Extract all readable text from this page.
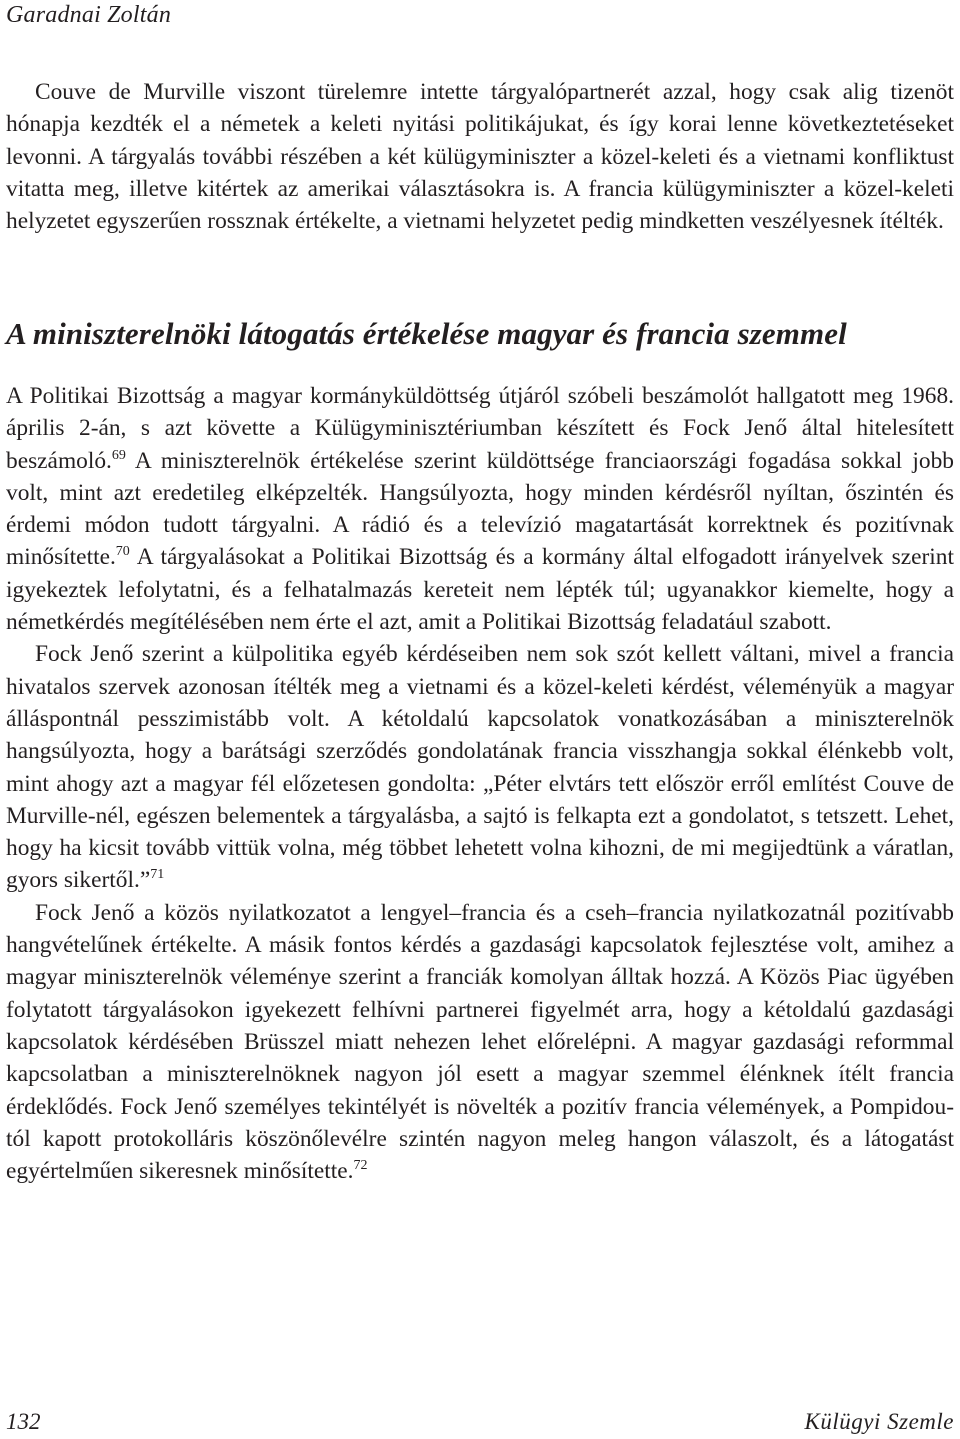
Garadnai Zoltán

Couve de Murville viszont türelemre intette tárgyalópartnerét azzal, hogy csak alig tizenöt hónapja kezdték el a németek a keleti nyitási politikájukat, és így korai lenne következtetéseket levonni. A tárgyalás további részében a két külügyminiszter a közel-keleti és a vietnami konfliktust vitatta meg, illetve kitértek az amerikai választásokra is. A francia külügyminiszter a közel-keleti helyzetet egyszerűen rossznak értékelte, a vietnami helyzetet pedig mindketten veszélyesnek ítélték.

A miniszterelnöki látogatás értékelése magyar és francia szemmel

A Politikai Bizottság a magyar kormányküldöttség útjáról szóbeli beszámolót hallgatott meg 1968. április 2-án, s azt követte a Külügyminisztériumban készített és Fock Jenő által hitelesített beszámoló.$^{69}$ A miniszterelnök értékelése szerint küldöttsége franciaországi fogadása sokkal jobb volt, mint azt eredetileg elképzelték. Hangsúlyozta, hogy minden kérdésről nyíltan, őszintén és érdemi módon tudott tárgyalni. A rádió és a televízió magatartását korrektnek és pozitívnak minősítette.$^{70}$ A tárgyalásokat a Politikai Bizottság és a kormány által elfogadott irányelvek szerint igyekeztek lefolytatni, és a felhatalmazás kereteit nem lépték túl; ugyanakkor kiemelte, hogy a németkérdés megítélésében nem érte el azt, amit a Politikai Bizottság feladatául szabott.

Fock Jenő szerint a külpolitika egyéb kérdéseiben nem sok szót kellett váltani, mivel a francia hivatalos szervek azonosan ítélték meg a vietnami és a közel-keleti kérdést, véleményük a magyar álláspontnál pesszimistább volt. A kétoldalú kapcsolatok vonatkozásában a miniszterelnök hangsúlyozta, hogy a barátsági szerződés gondolatának francia visszhangja sokkal élénkebb volt, mint ahogy azt a magyar fél előzetesen gondolta: „Péter elvtárs tett először erről említést Couve de Murville-nél, egészen belementek a tárgyalásba, a sajtó is felkapta ezt a gondolatot, s tetszett. Lehet, hogy ha kicsit tovább vittük volna, még többet lehetett volna kihozni, de mi megijedtünk a váratlan, gyors sikertől.”$^{71}$

Fock Jenő a közös nyilatkozatot a lengyel–francia és a cseh–francia nyilatkozatnál pozitívabb hangvételűnek értékelte. A másik fontos kérdés a gazdasági kapcsolatok fejlesztése volt, amihez a magyar miniszterelnök véleménye szerint a franciák komolyan álltak hozzá. A Közös Piac ügyében folytatott tárgyalásokon igyekezett felhívni partnerei figyelmét arra, hogy a kétoldalú gazdasági kapcsolatok kérdésében Brüsszel miatt nehezen lehet előrelépni. A magyar gazdasági reformmal kapcsolatban a miniszterelnöknek nagyon jól esett a magyar szemmel élénknek ítélt francia érdeklődés. Fock Jenő személyes tekintélyét is növelték a pozitív francia vélemények, a Pompidou-tól kapott protokolláris köszönőlevélre szintén nagyon meleg hangon válaszolt, és a látogatást egyértelműen sikeresnek minősítette.$^{72}$

132	Külügyi Szemle
